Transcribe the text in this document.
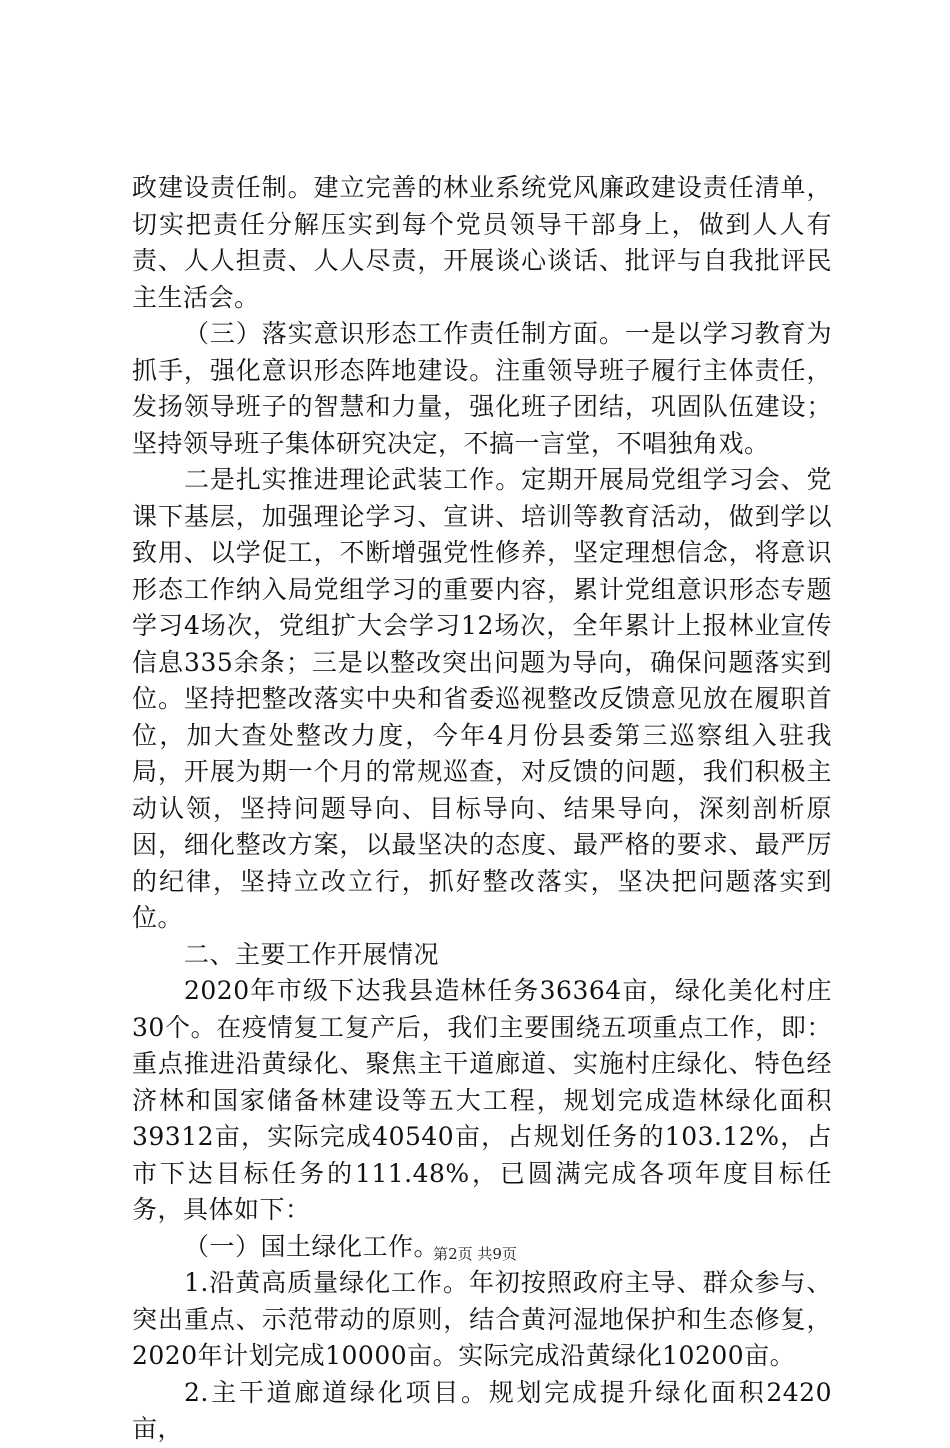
政建设责任制。建立完善的林业系统党风廉政建设责任清单，切实把责任分解压实到每个党员领导干部身上，做到人人有责、人人担责、人人尽责，开展谈心谈话、批评与自我批评民主生活会。

（三）落实意识形态工作责任制方面。一是以学习教育为抓手，强化意识形态阵地建设。注重领导班子履行主体责任，发扬领导班子的智慧和力量，强化班子团结，巩固队伍建设；坚持领导班子集体研究决定，不搞一言堂，不唱独角戏。

二是扎实推进理论武装工作。定期开展局党组学习会、党课下基层，加强理论学习、宣讲、培训等教育活动，做到学以致用、以学促工，不断增强党性修养，坚定理想信念，将意识形态工作纳入局党组学习的重要内容，累计党组意识形态专题学习4场次，党组扩大会学习12场次，全年累计上报林业宣传信息335余条；三是以整改突出问题为导向，确保问题落实到位。坚持把整改落实中央和省委巡视整改反馈意见放在履职首位，加大查处整改力度，今年4月份县委第三巡察组入驻我局，开展为期一个月的常规巡查，对反馈的问题，我们积极主动认领，坚持问题导向、目标导向、结果导向，深刻剖析原因，细化整改方案，以最坚决的态度、最严格的要求、最严厉的纪律，坚持立改立行，抓好整改落实，坚决把问题落实到位。

二、主要工作开展情况

2020年市级下达我县造林任务36364亩，绿化美化村庄30个。在疫情复工复产后，我们主要围绕五项重点工作，即：重点推进沿黄绿化、聚焦主干道廊道、实施村庄绿化、特色经济林和国家储备林建设等五大工程，规划完成造林绿化面积39312亩，实际完成40540亩，占规划任务的103.12%，占市下达目标任务的111.48%，已圆满完成各项年度目标任务，具体如下：

（一）国土绿化工作。

1.沿黄高质量绿化工作。年初按照政府主导、群众参与、突出重点、示范带动的原则，结合黄河湿地保护和生态修复，2020年计划完成10000亩。实际完成沿黄绿化10200亩。

2.主干道廊道绿化项目。规划完成提升绿化面积2420亩，

第2页 共9页
